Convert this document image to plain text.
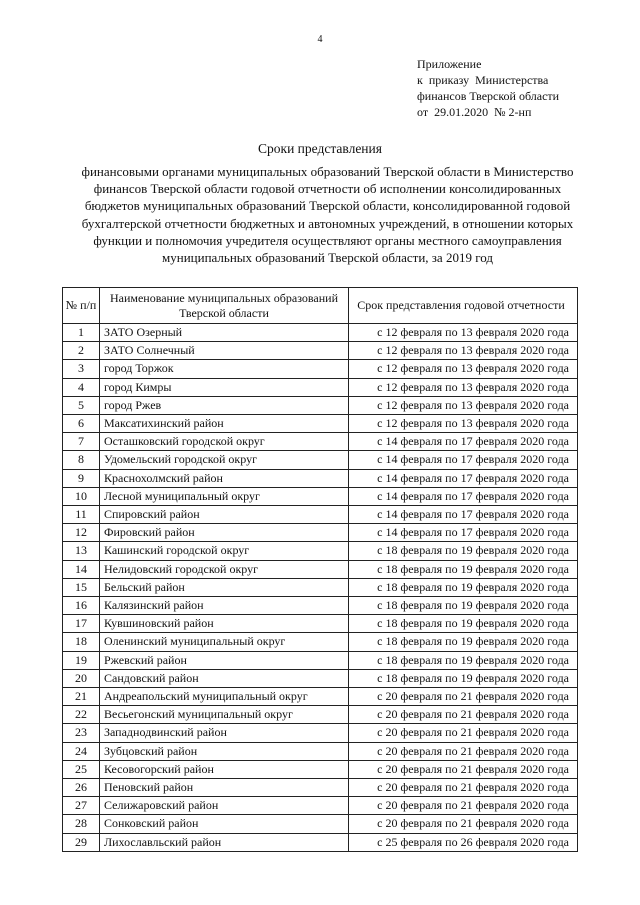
4
Приложение
к  приказу  Министерства
финансов Тверской области
от  29.01.2020  № 2-нп
Сроки представления
финансовыми органами муниципальных образований Тверской области в Министерство
финансов Тверской области годовой отчетности об исполнении консолидированных
бюджетов муниципальных образований Тверской области, консолидированной годовой
бухгалтерской отчетности бюджетных и автономных учреждений, в отношении которых
функции и полномочия учредителя осуществляют органы местного самоуправления
муниципальных образований Тверской области, за 2019 год
№ п/п	Наименование муниципальных образований Тверской области	Срок представления годовой отчетности
1	ЗАТО Озерный	с 12 февраля по 13 февраля 2020 года
2	ЗАТО Солнечный	с 12 февраля по 13 февраля 2020 года
3	город Торжок	с 12 февраля по 13 февраля 2020 года
4	город Кимры	с 12 февраля по 13 февраля 2020 года
5	город Ржев	с 12 февраля по 13 февраля 2020 года
6	Максатихинский район	с 12 февраля по 13 февраля 2020 года
7	Осташковский городской округ	с 14 февраля по 17 февраля 2020 года
8	Удомельский городской округ	с 14 февраля по 17 февраля 2020 года
9	Краснохолмский район	с 14 февраля по 17 февраля 2020 года
10	Лесной муниципальный округ	с 14 февраля по 17 февраля 2020 года
11	Спировский район	с 14 февраля по 17 февраля 2020 года
12	Фировский район	с 14 февраля по 17 февраля 2020 года
13	Кашинский городской округ	с 18 февраля по 19 февраля 2020 года
14	Нелидовский городской округ	с 18 февраля по 19 февраля 2020 года
15	Бельский район	с 18 февраля по 19 февраля 2020 года
16	Калязинский район	с 18 февраля по 19 февраля 2020 года
17	Кувшиновский район	с 18 февраля по 19 февраля 2020 года
18	Оленинский муниципальный округ	с 18 февраля по 19 февраля 2020 года
19	Ржевский район	с 18 февраля по 19 февраля 2020 года
20	Сандовский район	с 18 февраля по 19 февраля 2020 года
21	Андреапольский муниципальный округ	с 20 февраля по 21 февраля 2020 года
22	Весьегонский муниципальный округ	с 20 февраля по 21 февраля 2020 года
23	Западнодвинский район	с 20 февраля по 21 февраля 2020 года
24	Зубцовский район	с 20 февраля по 21 февраля 2020 года
25	Кесовогорский район	с 20 февраля по 21 февраля 2020 года
26	Пеновский район	с 20 февраля по 21 февраля 2020 года
27	Селижаровский район	с 20 февраля по 21 февраля 2020 года
28	Сонковский район	с 20 февраля по 21 февраля 2020 года
29	Лихославльский район	с 25 февраля по 26 февраля 2020 года
